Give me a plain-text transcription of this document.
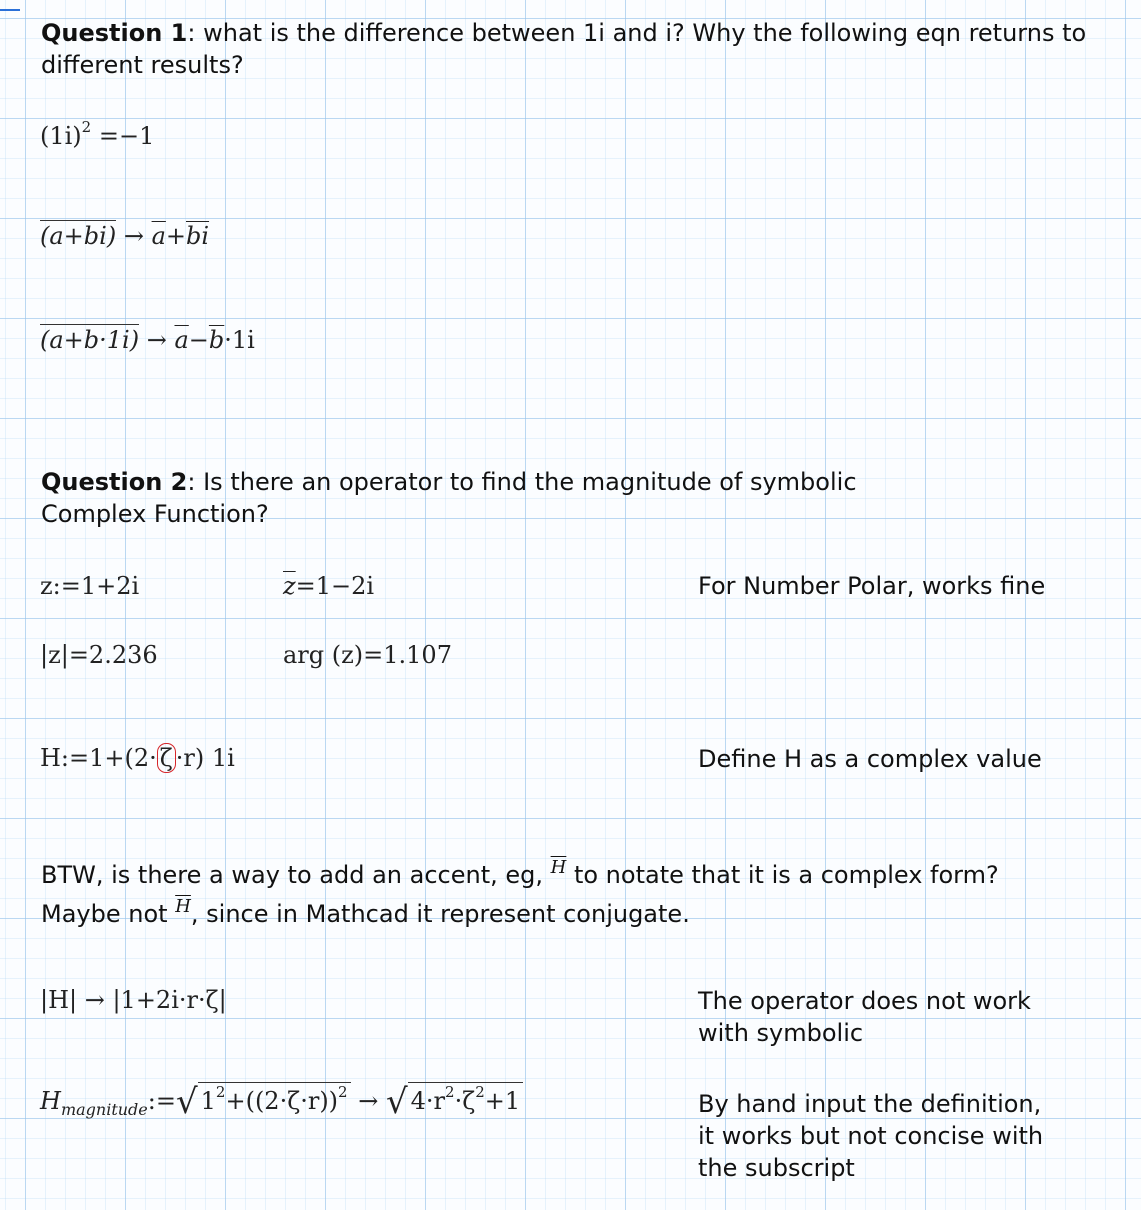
Question 1: what is the difference between 1i and i? Why the following eqn returns to different results?
$(1i)^2 =-1$
$(a+bi) \to \overline{a}+\overline{bi}$
$(a+b\cdot 1i) \to \overline{a}-\overline{b}\cdot 1i$
Question 2: Is there an operator to find the magnitude of symbolic Complex Function?
z:=1+2i	$\overline{z}=1-2i$	For Number Polar, works fine
|z|=2.236	arg (z)=1.107
H:=1+(2· ζ ·r) 1i	Define H as a complex value
BTW, is there a way to add an accent, eg, $\overline{H}$ to notate that it is a complex form?
Maybe not $\overline{H}$, since in Mathcad it represent conjugate.
|H| → |1+2i·r·ζ|	The operator does not work with symbolic
$H_{magnitude}:=√$ $1^2+((2\cdot\zeta\cdot r))^2$ → √ $4\cdot r^2\cdot\zeta^2+1$	By hand input the definition, it works but not concise with the subscript
